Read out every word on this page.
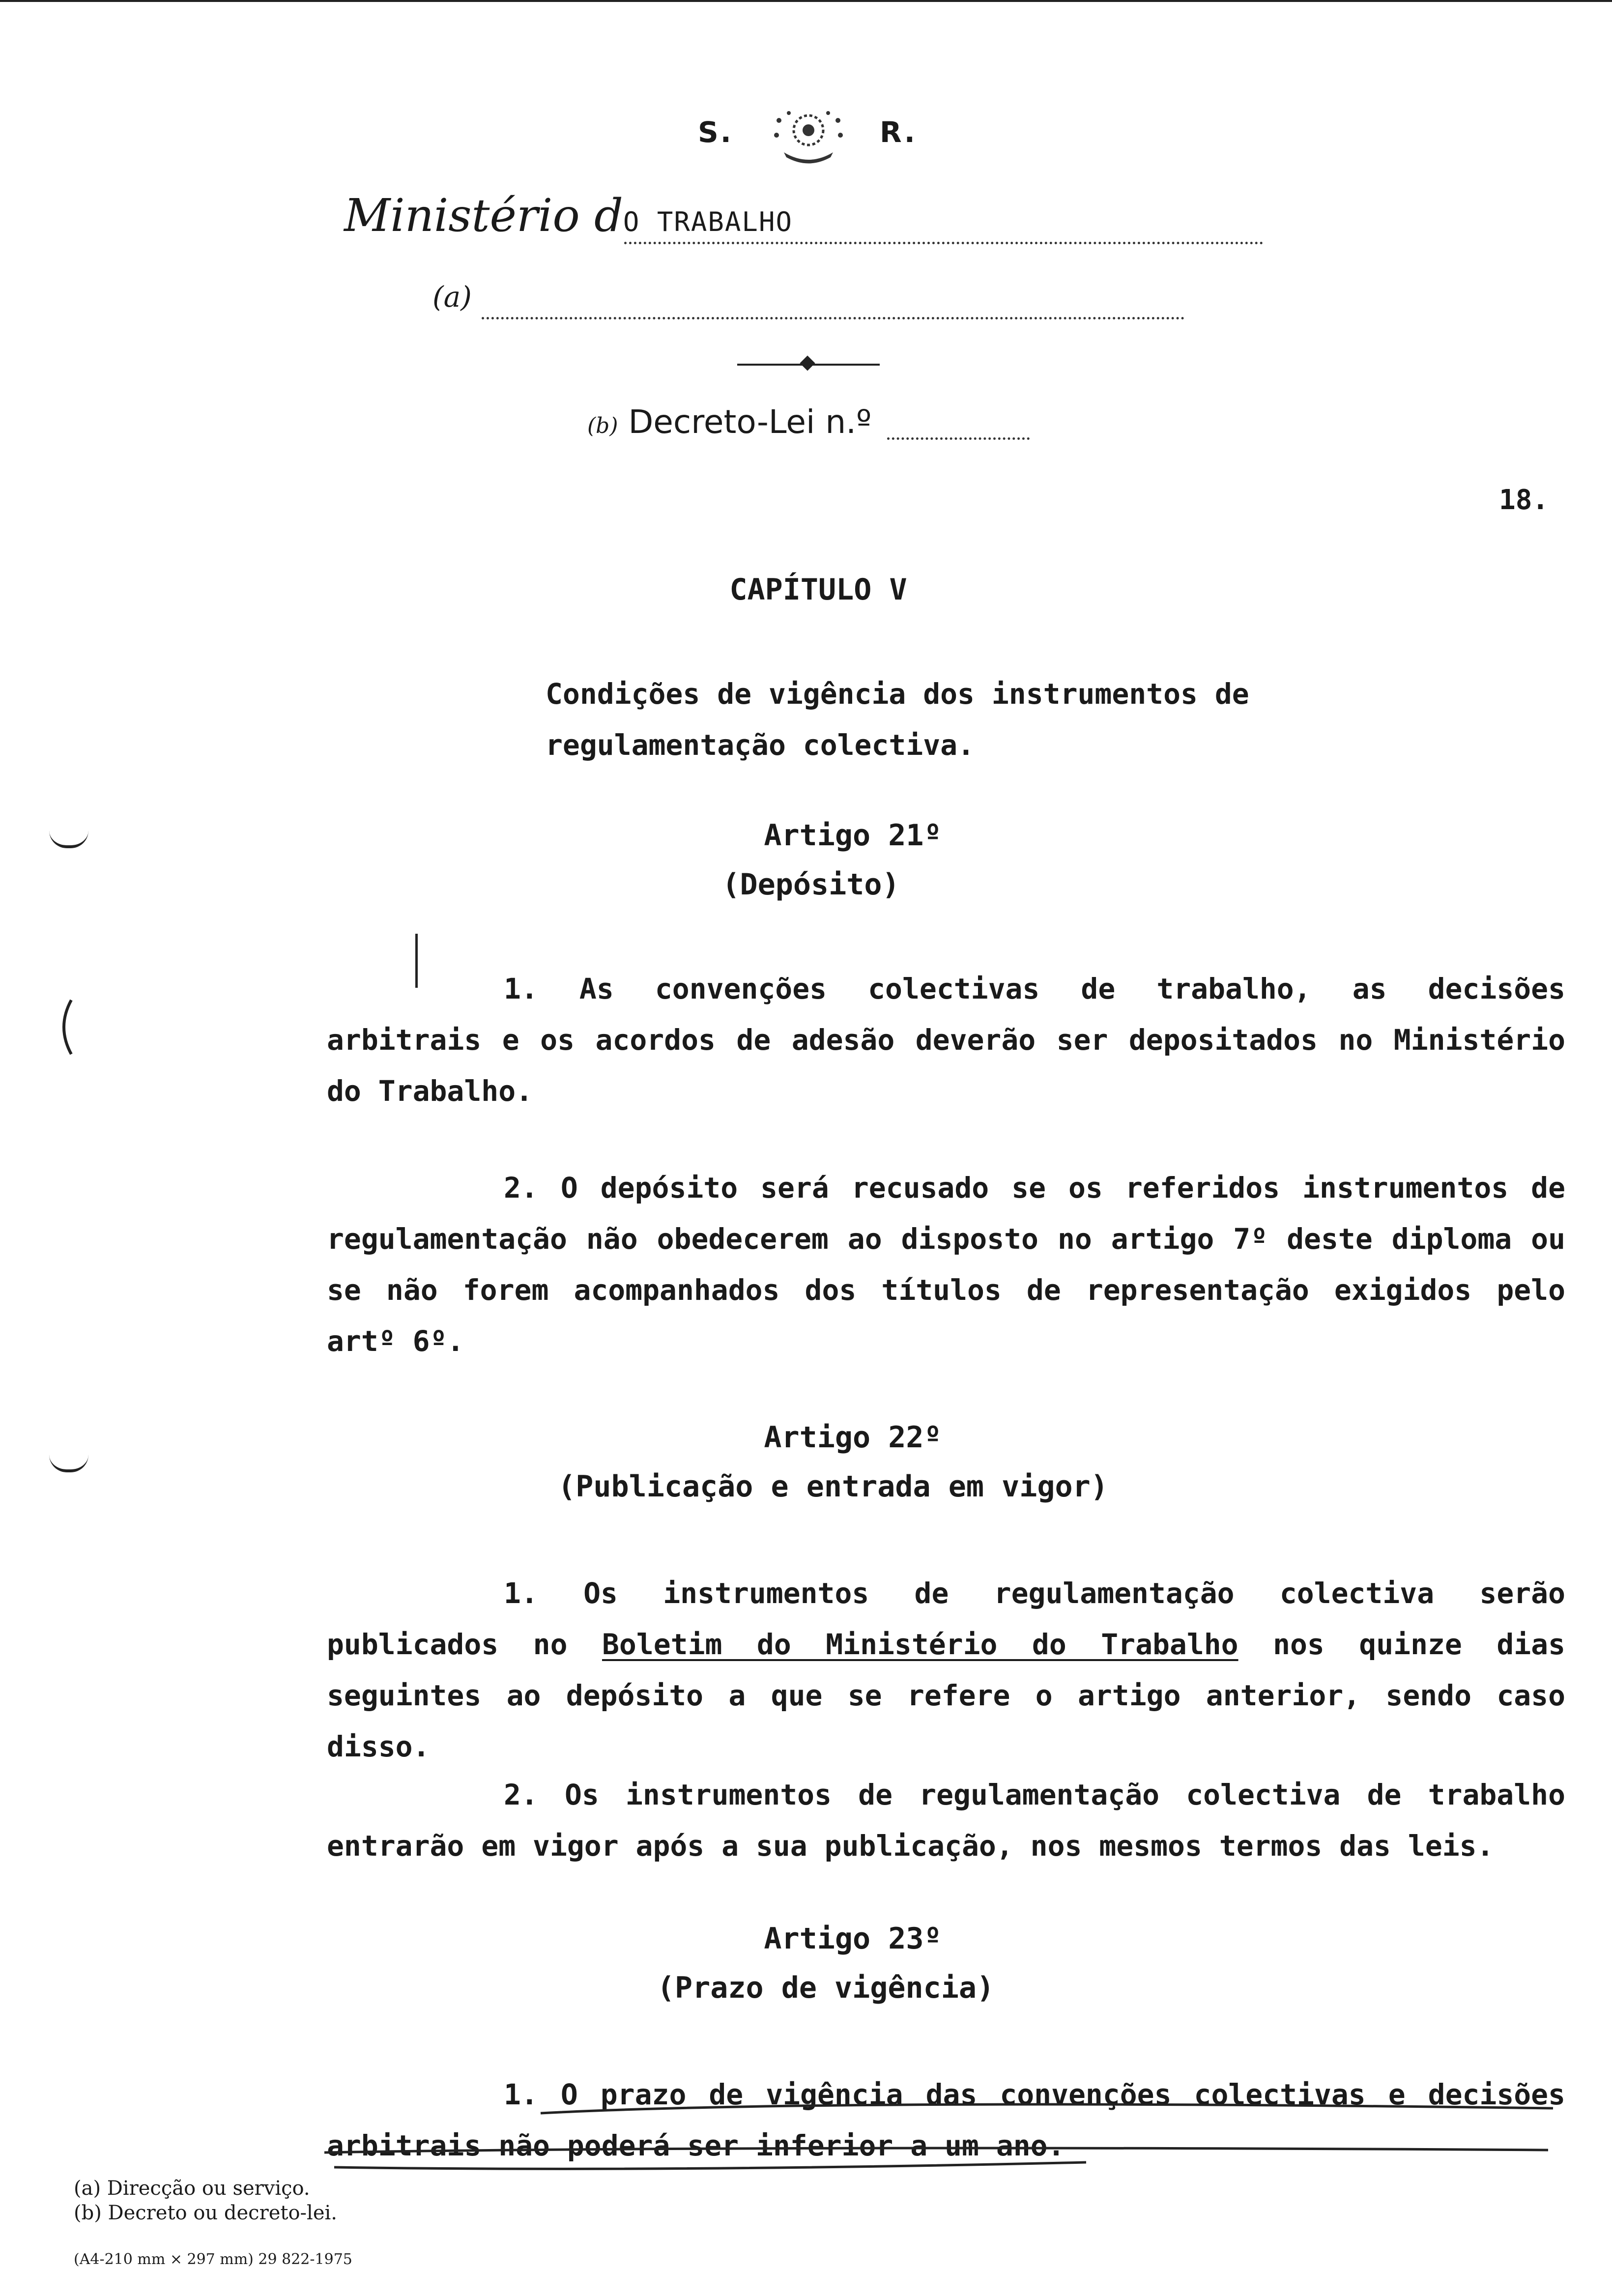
S.	R.
Ministério dO TRABALHO
(a)
(b) Decreto-Lei n.º
18.
CAPÍTULO V
Condições de vigência dos instrumentos de
regulamentação colectiva.
Artigo 21º
(Depósito)
1. As convenções colectivas de trabalho, as decisões arbitrais e os acordos de adesão deverão ser depositados no Ministério do Trabalho.
2. O depósito será recusado se os referidos instrumentos de regulamentação não obedecerem ao disposto no artigo 7º deste diploma ou se não forem acompanhados dos títulos de representação exigidos pelo artº 6º.
Artigo 22º
(Publicação e entrada em vigor)
1. Os instrumentos de regulamentação colectiva serão publicados no Boletim do Ministério do Trabalho nos quinze dias seguintes ao depósito a que se refere o artigo anterior, sendo caso disso.
2. Os instrumentos de regulamentação colectiva de trabalho entrarão em vigor após a sua publicação, nos mesmos termos das leis.
Artigo 23º
(Prazo de vigência)
1. O prazo de vigência das convenções colectivas e decisões arbitrais não poderá ser inferior a um ano.
(a) Direcção ou serviço.
(b) Decreto ou decreto-lei.
(A4-210 mm × 297 mm) 29 822-1975
